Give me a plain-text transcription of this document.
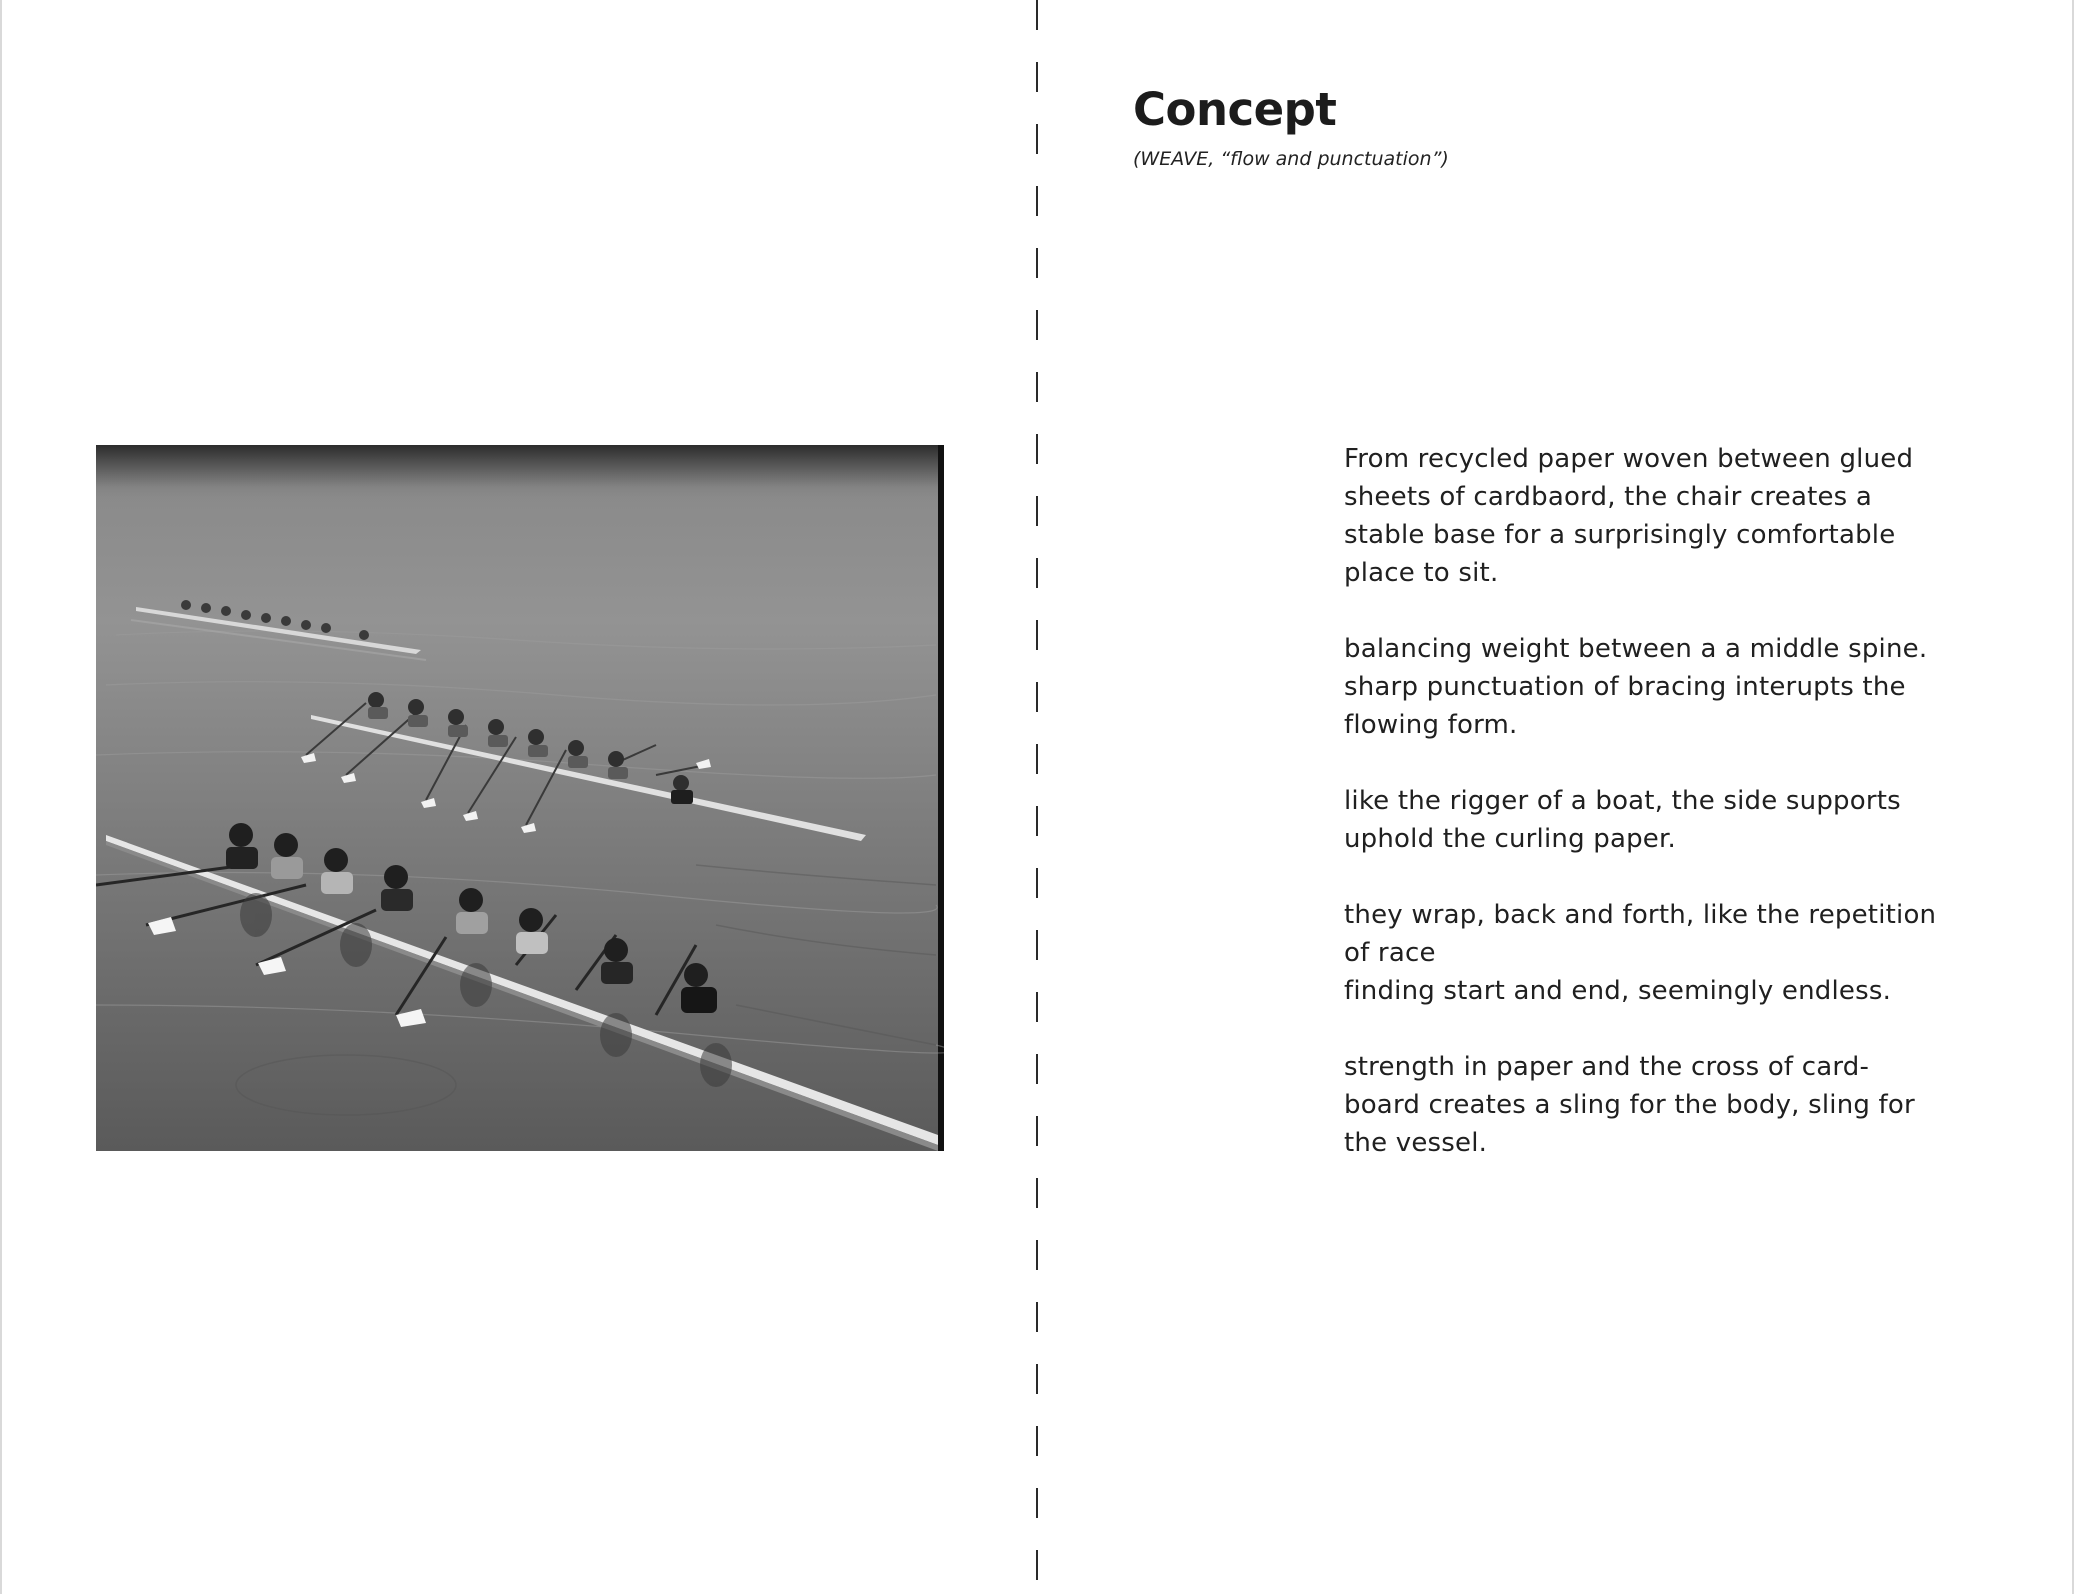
Concept
(WEAVE, “flow and punctuation”)

From recycled paper woven between glued
sheets of cardbaord, the chair creates a
stable base for a surprisingly comfortable
place to sit.

balancing weight between a a middle spine.
sharp punctuation of bracing interupts the
flowing form.

like the rigger of a boat, the side supports
uphold the curling paper.

they wrap, back and forth, like the repetition
of race
finding start and end, seemingly endless.

strength in paper and the cross of card-
board creates a sling for the body, sling for
the vessel.
